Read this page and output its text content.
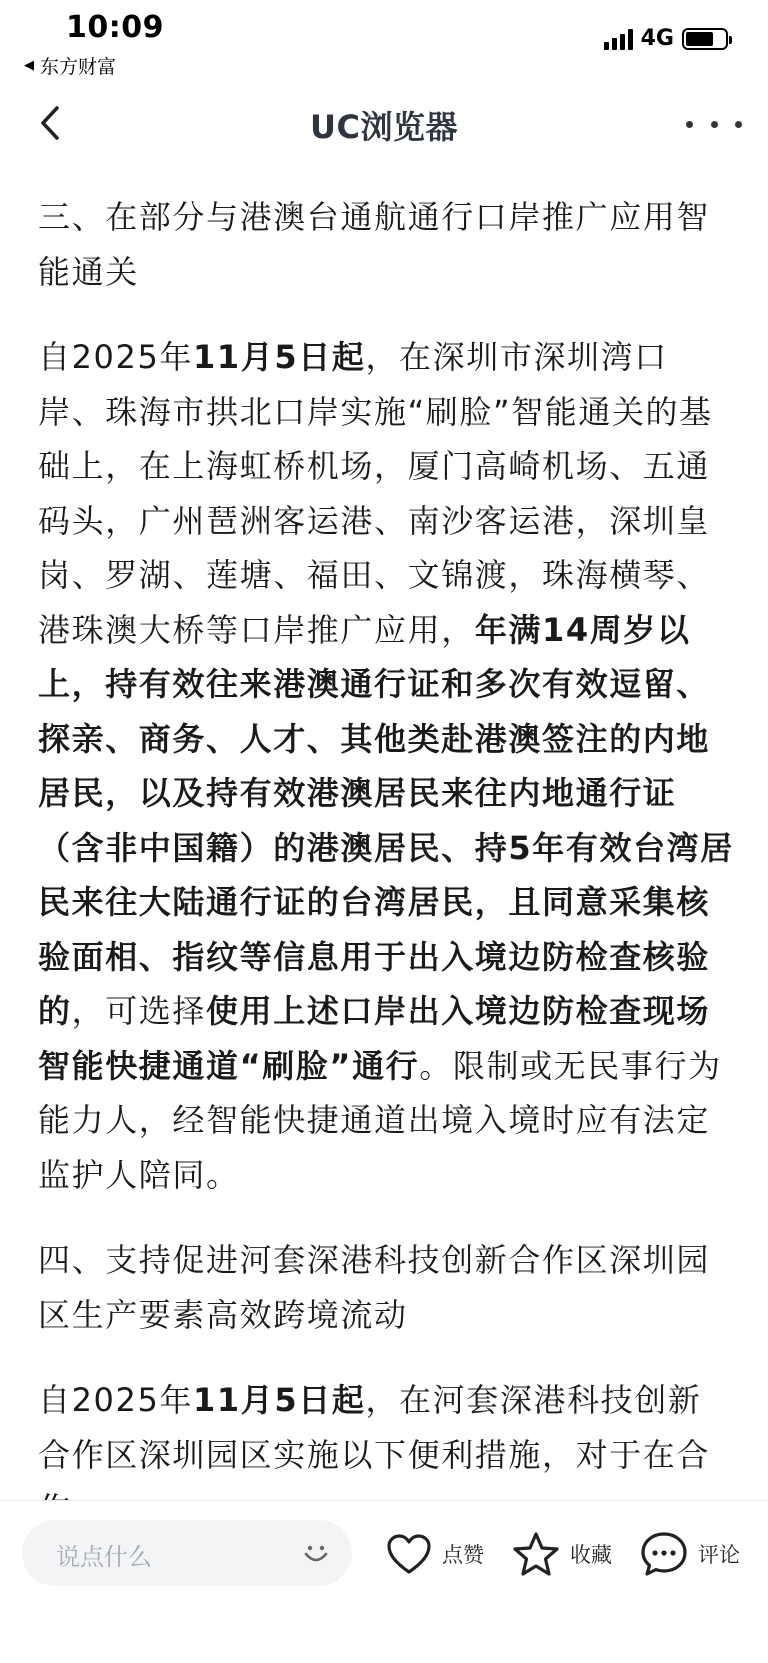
10:09
◀ 东方财富
4G
UC浏览器

三、在部分与港澳台通航通行口岸推广应用智能通关

自2025年11月5日起，在深圳市深圳湾口岸、珠海市拱北口岸实施“刷脸”智能通关的基础上，在上海虹桥机场，厦门高崎机场、五通码头，广州琶洲客运港、南沙客运港，深圳皇岗、罗湖、莲塘、福田、文锦渡，珠海横琴、港珠澳大桥等口岸推广应用，年满14周岁以上，持有效往来港澳通行证和多次有效逗留、探亲、商务、人才、其他类赴港澳签注的内地居民，以及持有效港澳居民来往内地通行证（含非中国籍）的港澳居民、持5年有效台湾居民来往大陆通行证的台湾居民，且同意采集核验面相、指纹等信息用于出入境边防检查核验的，可选择使用上述口岸出入境边防检查现场智能快捷通道“刷脸”通行。限制或无民事行为能力人，经智能快捷通道出境入境时应有法定监护人陪同。

四、支持促进河套深港科技创新合作区深圳园区生产要素高效跨境流动

自2025年11月5日起，在河套深港科技创新合作区深圳园区实施以下便利措施，对于在合

说点什么	点赞	收藏	评论
